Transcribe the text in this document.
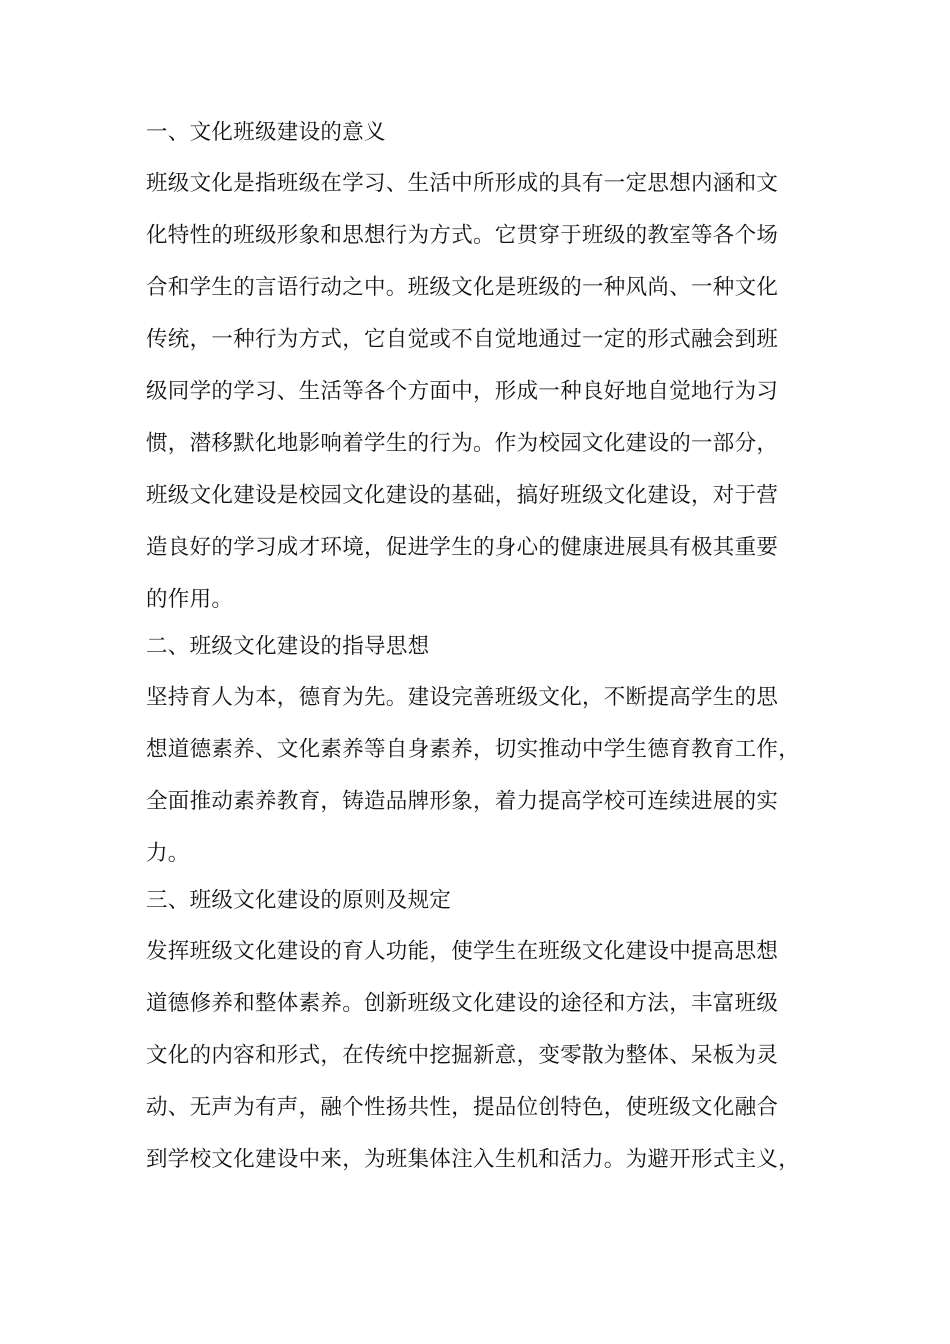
一、文化班级建设的意义
班级文化是指班级在学习、生活中所形成的具有一定思想内涵和文
化特性的班级形象和思想行为方式。它贯穿于班级的教室等各个场
合和学生的言语行动之中。班级文化是班级的一种风尚、一种文化
传统，一种行为方式，它自觉或不自觉地通过一定的形式融会到班
级同学的学习、生活等各个方面中，形成一种良好地自觉地行为习
惯，潜移默化地影响着学生的行为。作为校园文化建设的一部分，
班级文化建设是校园文化建设的基础，搞好班级文化建设，对于营
造良好的学习成才环境，促进学生的身心的健康进展具有极其重要
的作用。
二、班级文化建设的指导思想
坚持育人为本，德育为先。建设完善班级文化，不断提高学生的思
想道德素养、文化素养等自身素养，切实推动中学生德育教育工作，
全面推动素养教育，铸造品牌形象，着力提高学校可连续进展的实
力。
三、班级文化建设的原则及规定
发挥班级文化建设的育人功能，使学生在班级文化建设中提高思想
道德修养和整体素养。创新班级文化建设的途径和方法，丰富班级
文化的内容和形式，在传统中挖掘新意，变零散为整体、呆板为灵
动、无声为有声，融个性扬共性，提品位创特色，使班级文化融合
到学校文化建设中来，为班集体注入生机和活力。为避开形式主义，
